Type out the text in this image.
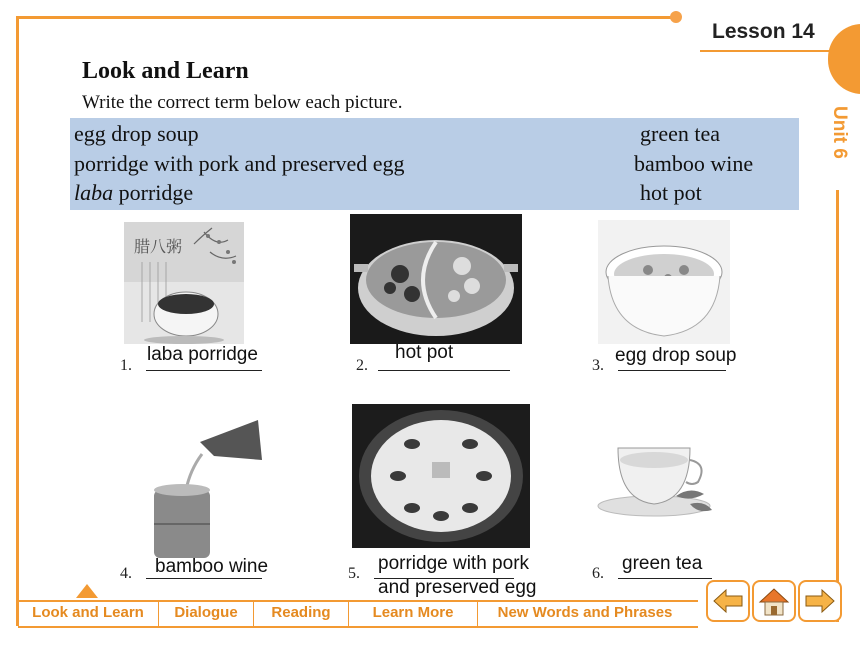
Lesson 14
Unit 6
Look and Learn
Write the correct term below each picture.
egg drop soup
porridge with pork and preserved egg
laba porridge
green tea
bamboo wine
hot pot
腊八粥
1.
laba porridge
2.
hot pot
3. egg drop soup
4. bamboo wine	5. porridge with pork
and preserved egg
6. green tea
Look and Learn	Dialogue	Reading	Learn More	New Words and Phrases
